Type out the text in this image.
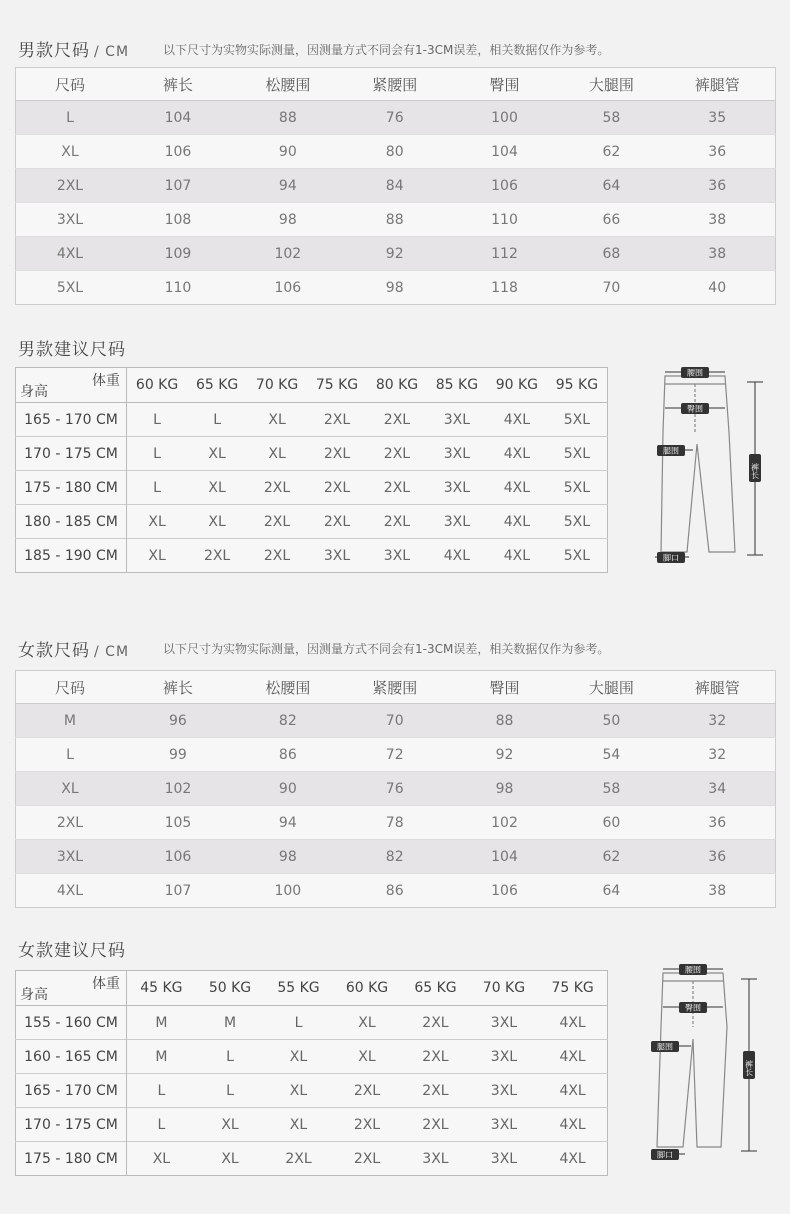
男款尺码 / CM	以下尺寸为实物实际测量，因测量方式不同会有1-3CM误差，相关数据仅作为参考。
尺码	裤长	松腰围	紧腰围	臀围	大腿围	裤腿管
L	104	88	76	100	58	35
XL	106	90	80	104	62	36
2XL	107	94	84	106	64	36
3XL	108	98	88	110	66	38
4XL	109	102	92	112	68	38
5XL	110	106	98	118	70	40
男款建议尺码
体重
身高	60 KG	65 KG	70 KG	75 KG	80 KG	85 KG	90 KG	95 KG
165 - 170 CM	L	L	XL	2XL	2XL	3XL	4XL	5XL
170 - 175 CM	L	XL	XL	2XL	2XL	3XL	4XL	5XL
175 - 180 CM	L	XL	2XL	2XL	2XL	3XL	4XL	5XL
180 - 185 CM	XL	XL	2XL	2XL	2XL	3XL	4XL	5XL
185 - 190 CM	XL	2XL	2XL	3XL	3XL	4XL	4XL	5XL
腰围
臀围
腿围
脚口
裤长
女款尺码 / CM	以下尺寸为实物实际测量，因测量方式不同会有1-3CM误差，相关数据仅作为参考。
尺码	裤长	松腰围	紧腰围	臀围	大腿围	裤腿管
M	96	82	70	88	50	32
L	99	86	72	92	54	32
XL	102	90	76	98	58	34
2XL	105	94	78	102	60	36
3XL	106	98	82	104	62	36
4XL	107	100	86	106	64	38
女款建议尺码
体重
身高	45 KG	50 KG	55 KG	60 KG	65 KG	70 KG	75 KG
155 - 160 CM	M	M	L	XL	2XL	3XL	4XL
160 - 165 CM	M	L	XL	XL	2XL	3XL	4XL
165 - 170 CM	L	L	XL	2XL	2XL	3XL	4XL
170 - 175 CM	L	XL	XL	2XL	2XL	3XL	4XL
175 - 180 CM	XL	XL	2XL	2XL	3XL	3XL	4XL
腰围
臀围
腿围
脚口
裤长
